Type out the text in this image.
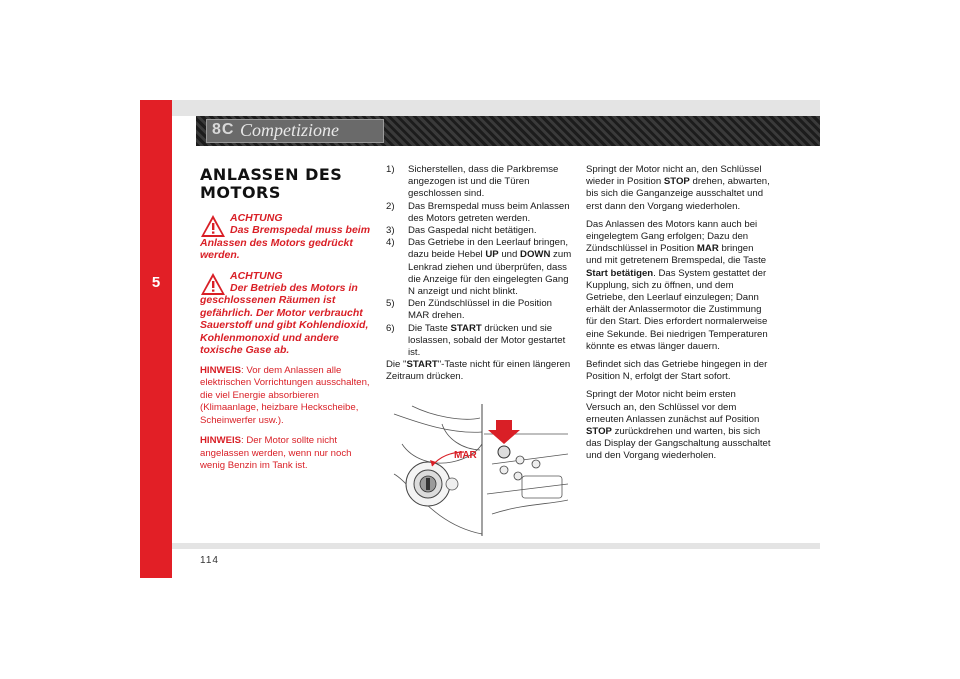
5
8C Competizione
ANLASSEN DES MOTORS
ACHTUNG
Das Bremspedal muss beim
Anlassen des Motors gedrückt werden.
ACHTUNG
Der Betrieb des Motors in
geschlossenen Räumen ist gefährlich. Der Motor verbraucht Sauerstoff und gibt Kohlendioxid, Kohlenmonoxid und andere toxische Gase ab.

HINWEIS: Vor dem Anlassen alle elektrischen Vorrichtungen ausschalten, die viel Energie absorbieren (Klimaanlage, heizbare Heckscheibe, Scheinwerfer usw.).

HINWEIS: Der Motor sollte nicht angelassen werden, wenn nur noch wenig Benzin im Tank ist.

1) Sicherstellen, dass die Parkbremse angezogen ist und die Türen geschlossen sind.
2) Das Bremspedal muss beim Anlassen des Motors getreten werden.
3) Das Gaspedal nicht betätigen.
4) Das Getriebe in den Leerlauf bringen, dazu beide Hebel UP und DOWN zum Lenkrad ziehen und überprüfen, dass die Anzeige für den eingelegten Gang N anzeigt und nicht blinkt.
5) Den Zündschlüssel in die Position MAR drehen.
6) Die Taste START drücken und sie loslassen, sobald der Motor gestartet ist.

Die "START"-Taste nicht für einen längeren Zeitraum drücken.

MAR

Springt der Motor nicht an, den Schlüssel wieder in Position STOP drehen, abwarten, bis sich die Ganganzeige ausschaltet und erst dann den Vorgang wiederholen.

Das Anlassen des Motors kann auch bei eingelegtem Gang erfolgen; Dazu den Zündschlüssel in Position MAR bringen und mit getretenem Bremspedal, die Taste Start betätigen. Das System gestattet der Kupplung, sich zu öffnen, und dem Getriebe, den Leerlauf einzulegen; Dann erhält der Anlassermotor die Zustimmung für den Start. Dies erfordert normalerweise eine Sekunde. Bei niedrigen Temperaturen könnte es etwas länger dauern.

Befindet sich das Getriebe hingegen in der Position N, erfolgt der Start sofort.

Springt der Motor nicht beim ersten Versuch an, den Schlüssel vor dem erneuten Anlassen zunächst auf Position STOP zurückdrehen und warten, bis sich das Display der Gangschaltung ausschaltet und den Vorgang wiederholen.

114
